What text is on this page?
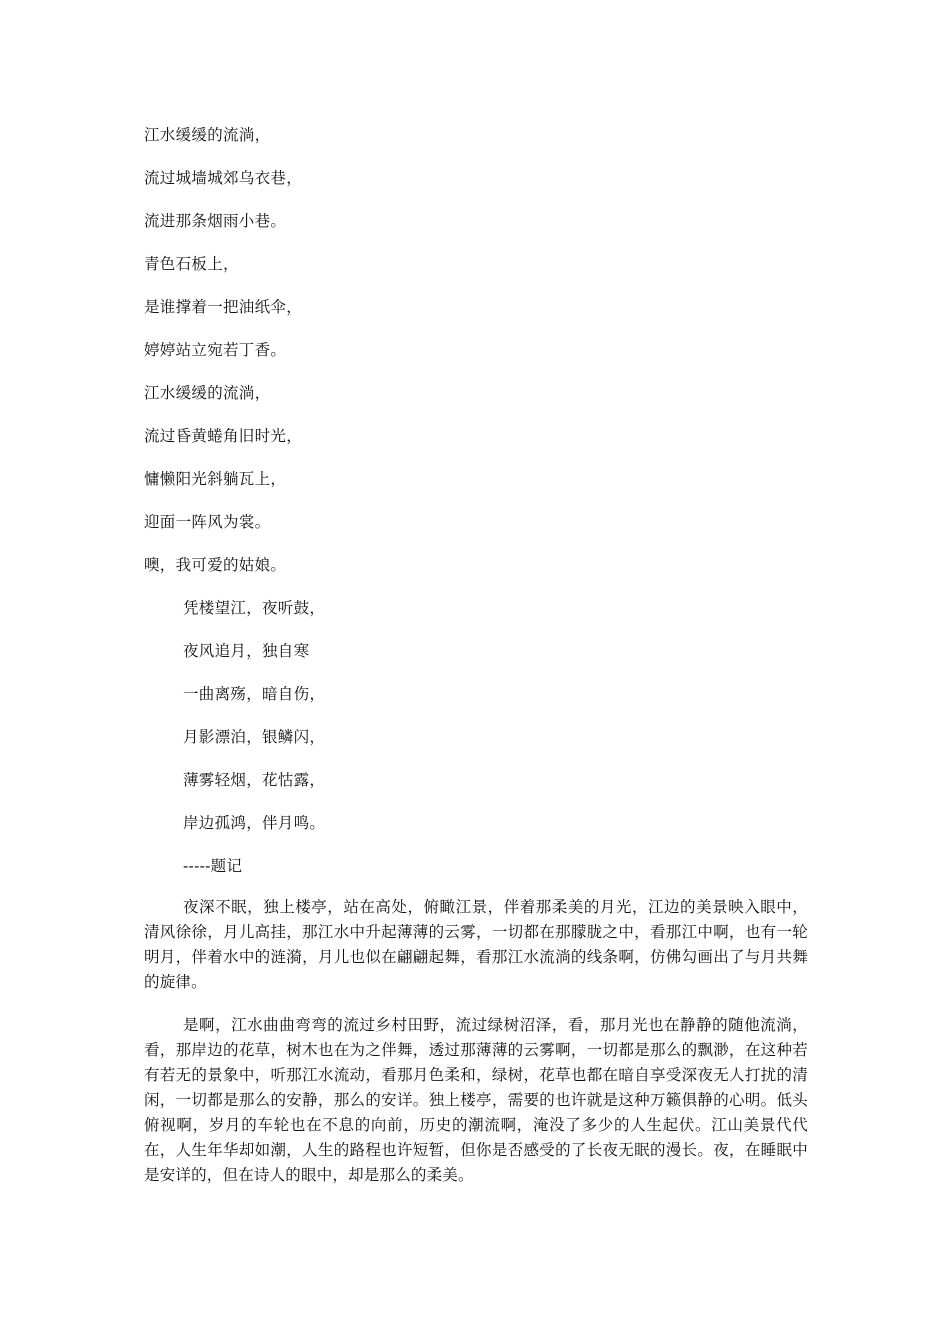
江水缓缓的流淌，
流过城墙城郊乌衣巷，
流进那条烟雨小巷。
青色石板上，
是谁撑着一把油纸伞，
婷婷站立宛若丁香。
江水缓缓的流淌，
流过昏黄蜷角旧时光，
慵懒阳光斜躺瓦上，
迎面一阵风为裳。
噢，我可爱的姑娘。
凭楼望江，夜听鼓，
夜风追月，独自寒
一曲离殇，暗自伤，
月影漂泊，银鳞闪，
薄雾轻烟，花怙露，
岸边孤鸿，伴月鸣。
-----题记
夜深不眠，独上楼亭，站在高处，俯瞰江景，伴着那柔美的月光，江边的美景映入眼中，清风徐徐，月儿高挂，那江水中升起薄薄的云雾，一切都在那朦胧之中，看那江中啊，也有一轮明月，伴着水中的涟漪，月儿也似在翩翩起舞，看那江水流淌的线条啊，仿佛勾画出了与月共舞的旋律。
是啊，江水曲曲弯弯的流过乡村田野，流过绿树沼泽，看，那月光也在静静的随他流淌，看，那岸边的花草，树木也在为之伴舞，透过那薄薄的云雾啊，一切都是那么的飘渺，在这种若有若无的景象中，听那江水流动，看那月色柔和，绿树，花草也都在暗自享受深夜无人打扰的清闲，一切都是那么的安静，那么的安详。独上楼亭，需要的也许就是这种万籁俱静的心明。低头俯视啊，岁月的车轮也在不息的向前，历史的潮流啊，淹没了多少的人生起伏。江山美景代代在，人生年华却如潮，人生的路程也许短暂，但你是否感受的了长夜无眠的漫长。夜，在睡眠中是安详的，但在诗人的眼中，却是那么的柔美。
